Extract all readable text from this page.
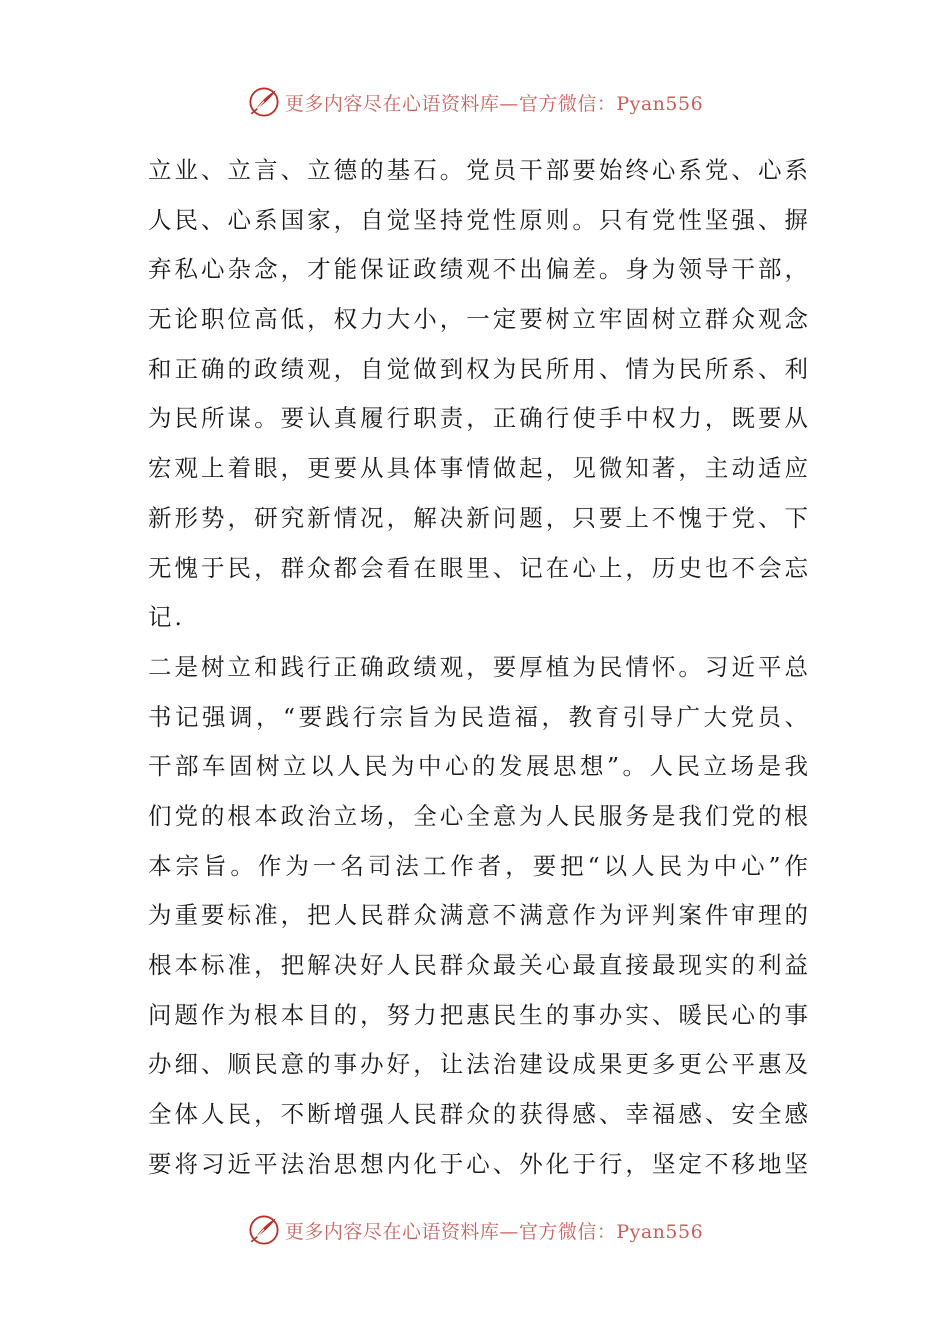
更多内容尽在心语资料库—官方微信：Pyan556
立业、立言、立德的基石。党员干部要始终心系党、心系
人民、心系国家，自觉坚持党性原则。只有党性坚强、摒
弃私心杂念，才能保证政绩观不出偏差。身为领导干部，
无论职位高低，权力大小，一定要树立牢固树立群众观念
和正确的政绩观，自觉做到权为民所用、情为民所系、利
为民所谋。要认真履行职责，正确行使手中权力，既要从
宏观上着眼，更要从具体事情做起，见微知著，主动适应
新形势，研究新情况，解决新问题，只要上不愧于党、下
无愧于民，群众都会看在眼里、记在心上，历史也不会忘
记.
二是树立和践行正确政绩观，要厚植为民情怀。习近平总
书记强调，“要践行宗旨为民造福，教育引导广大党员、
干部车固树立以人民为中心的发展思想”。人民立场是我
们党的根本政治立场，全心全意为人民服务是我们党的根
本宗旨。作为一名司法工作者，要把“以人民为中心”作
为重要标准，把人民群众满意不满意作为评判案件审理的
根本标准，把解决好人民群众最关心最直接最现实的利益
问题作为根本目的，努力把惠民生的事办实、暖民心的事
办细、顺民意的事办好，让法治建设成果更多更公平惠及
全体人民，不断增强人民群众的获得感、幸福感、安全感
要将习近平法治思想内化于心、外化于行，坚定不移地坚
更多内容尽在心语资料库—官方微信：Pyan556
